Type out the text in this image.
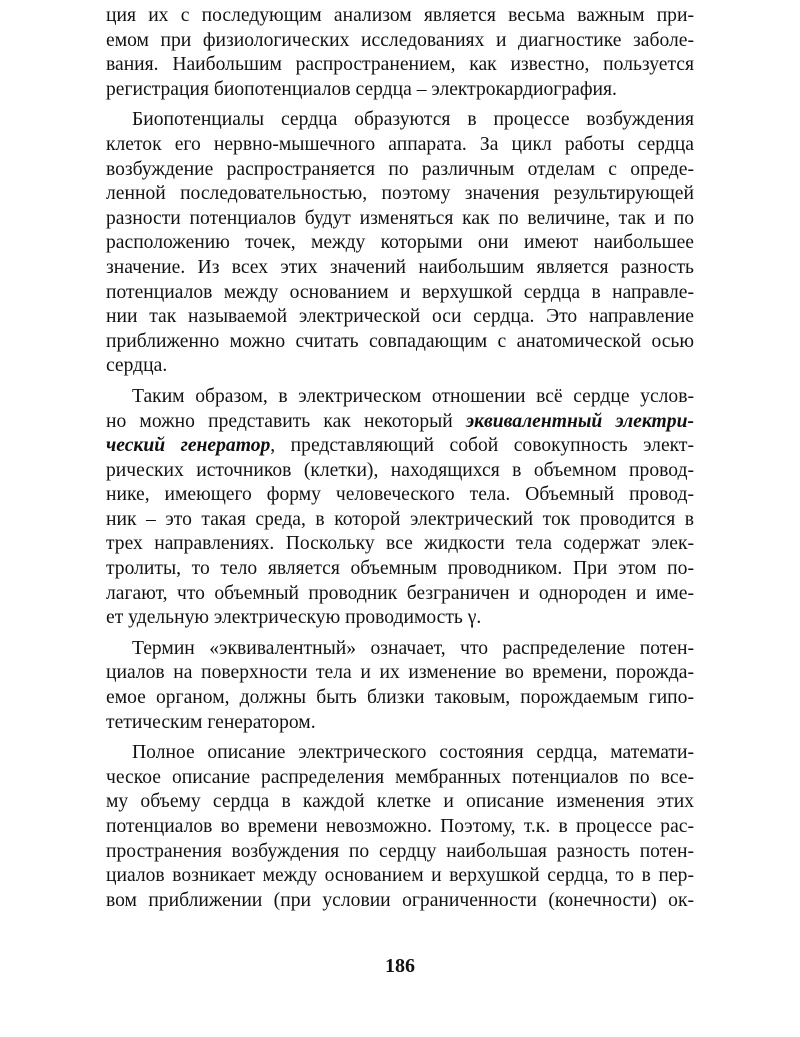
ция их с последующим анализом является весьма важным при-
емом при физиологических исследованиях и диагностике заболе-
вания. Наибольшим распространением, как известно, пользуется
регистрация биопотенциалов сердца – электрокардиография.
Биопотенциалы сердца образуются в процессе возбуждения
клеток его нервно-мышечного аппарата. За цикл работы сердца
возбуждение распространяется по различным отделам с опреде-
ленной последовательностью, поэтому значения результирующей
разности потенциалов будут изменяться как по величине, так и по
расположению точек, между которыми они имеют наибольшее
значение. Из всех этих значений наибольшим является разность
потенциалов между основанием и верхушкой сердца в направле-
нии так называемой электрической оси сердца. Это направление
приближенно можно считать совпадающим с анатомической осью
сердца.
Таким образом, в электрическом отношении всё сердце услов-
но можно представить как некоторый эквивалентный электри-
ческий генератор, представляющий собой совокупность элект-
рических источников (клетки), находящихся в объемном провод-
нике, имеющего форму человеческого тела. Объемный провод-
ник – это такая среда, в которой электрический ток проводится в
трех направлениях. Поскольку все жидкости тела содержат элек-
тролиты, то тело является объемным проводником. При этом по-
лагают, что объемный проводник безграничен и однороден и име-
ет удельную электрическую проводимость γ.
Термин «эквивалентный» означает, что распределение потен-
циалов на поверхности тела и их изменение во времени, порожда-
емое органом, должны быть близки таковым, порождаемым гипо-
тетическим генератором.
Полное описание электрического состояния сердца, математи-
ческое описание распределения мембранных потенциалов по все-
му объему сердца в каждой клетке и описание изменения этих
потенциалов во времени невозможно. Поэтому, т.к. в процессе рас-
пространения возбуждения по сердцу наибольшая разность потен-
циалов возникает между основанием и верхушкой сердца, то в пер-
вом приближении (при условии ограниченности (конечности) ок-
186
